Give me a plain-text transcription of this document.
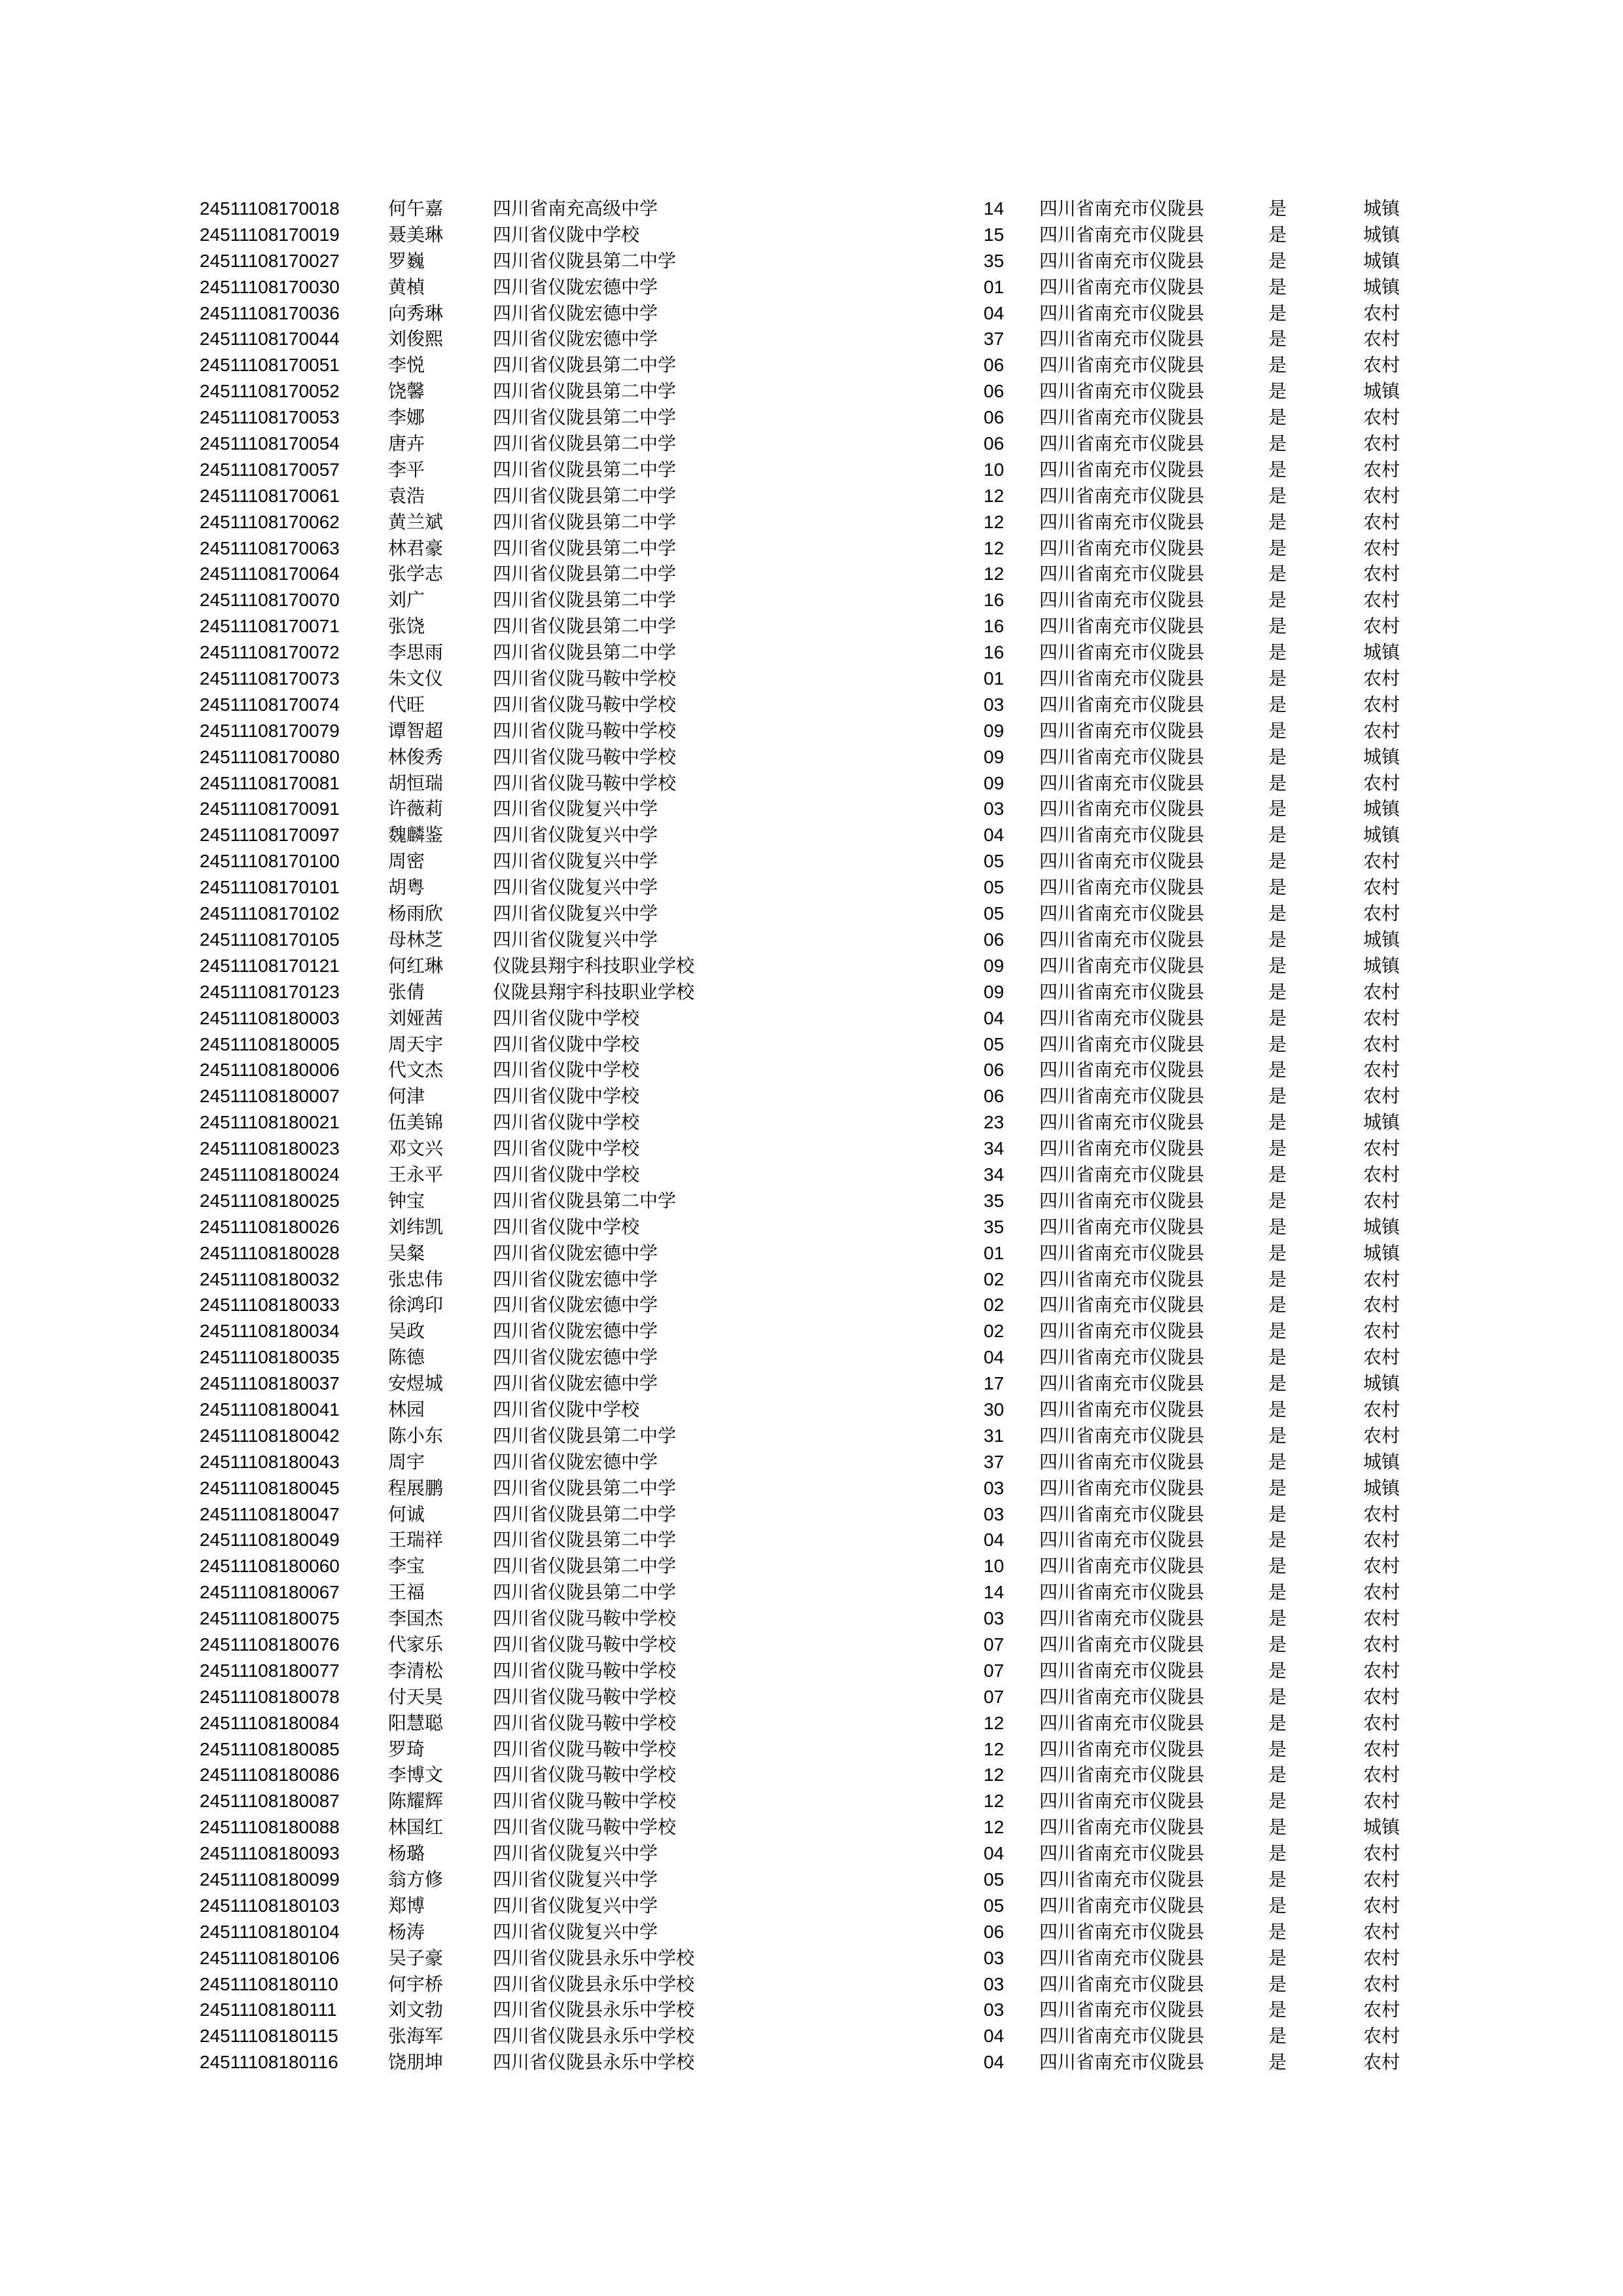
24511108170018	何午嘉	四川省南充高级中学	14 四川省南充市仪陇县	是	城镇
24511108170019	聂美琳	四川省仪陇中学校	15 四川省南充市仪陇县	是	城镇
24511108170027	罗巍	四川省仪陇县第二中学	35 四川省南充市仪陇县	是	城镇
24511108170030	黄楨	四川省仪陇宏德中学	01 四川省南充市仪陇县	是	城镇
24511108170036	向秀琳	四川省仪陇宏德中学	04 四川省南充市仪陇县	是	农村
24511108170044	刘俊熙	四川省仪陇宏德中学	37 四川省南充市仪陇县	是	农村
24511108170051	李悦	四川省仪陇县第二中学	06 四川省南充市仪陇县	是	农村
24511108170052	饶馨	四川省仪陇县第二中学	06 四川省南充市仪陇县	是	城镇
24511108170053	李娜	四川省仪陇县第二中学	06 四川省南充市仪陇县	是	农村
24511108170054	唐卉	四川省仪陇县第二中学	06 四川省南充市仪陇县	是	农村
24511108170057	李平	四川省仪陇县第二中学	10 四川省南充市仪陇县	是	农村
24511108170061	袁浩	四川省仪陇县第二中学	12 四川省南充市仪陇县	是	农村
24511108170062	黄兰斌	四川省仪陇县第二中学	12 四川省南充市仪陇县	是	农村
24511108170063	林君豪	四川省仪陇县第二中学	12 四川省南充市仪陇县	是	农村
24511108170064	张学志	四川省仪陇县第二中学	12 四川省南充市仪陇县	是	农村
24511108170070	刘广	四川省仪陇县第二中学	16 四川省南充市仪陇县	是	农村
24511108170071	张饶	四川省仪陇县第二中学	16 四川省南充市仪陇县	是	农村
24511108170072	李思雨	四川省仪陇县第二中学	16 四川省南充市仪陇县	是	城镇
24511108170073	朱文仪	四川省仪陇马鞍中学校	01 四川省南充市仪陇县	是	农村
24511108170074	代旺	四川省仪陇马鞍中学校	03 四川省南充市仪陇县	是	农村
24511108170079	谭智超	四川省仪陇马鞍中学校	09 四川省南充市仪陇县	是	农村
24511108170080	林俊秀	四川省仪陇马鞍中学校	09 四川省南充市仪陇县	是	城镇
24511108170081	胡恒瑞	四川省仪陇马鞍中学校	09 四川省南充市仪陇县	是	农村
24511108170091	许薇莉	四川省仪陇复兴中学	03 四川省南充市仪陇县	是	城镇
24511108170097	魏麟鉴	四川省仪陇复兴中学	04 四川省南充市仪陇县	是	城镇
24511108170100	周密	四川省仪陇复兴中学	05 四川省南充市仪陇县	是	农村
24511108170101	胡粤	四川省仪陇复兴中学	05 四川省南充市仪陇县	是	农村
24511108170102	杨雨欣	四川省仪陇复兴中学	05 四川省南充市仪陇县	是	农村
24511108170105	母林芝	四川省仪陇复兴中学	06 四川省南充市仪陇县	是	城镇
24511108170121	何红琳	仪陇县翔宇科技职业学校	09 四川省南充市仪陇县	是	城镇
24511108170123	张倩	仪陇县翔宇科技职业学校	09 四川省南充市仪陇县	是	农村
24511108180003	刘娅茜	四川省仪陇中学校	04 四川省南充市仪陇县	是	农村
24511108180005	周天宇	四川省仪陇中学校	05 四川省南充市仪陇县	是	农村
24511108180006	代文杰	四川省仪陇中学校	06 四川省南充市仪陇县	是	农村
24511108180007	何津	四川省仪陇中学校	06 四川省南充市仪陇县	是	农村
24511108180021	伍美锦	四川省仪陇中学校	23 四川省南充市仪陇县	是	城镇
24511108180023	邓文兴	四川省仪陇中学校	34 四川省南充市仪陇县	是	农村
24511108180024	王永平	四川省仪陇中学校	34 四川省南充市仪陇县	是	农村
24511108180025	钟宝	四川省仪陇县第二中学	35 四川省南充市仪陇县	是	农村
24511108180026	刘纬凯	四川省仪陇中学校	35 四川省南充市仪陇县	是	城镇
24511108180028	吴粲	四川省仪陇宏德中学	01 四川省南充市仪陇县	是	城镇
24511108180032	张忠伟	四川省仪陇宏德中学	02 四川省南充市仪陇县	是	农村
24511108180033	徐鸿印	四川省仪陇宏德中学	02 四川省南充市仪陇县	是	农村
24511108180034	吴政	四川省仪陇宏德中学	02 四川省南充市仪陇县	是	农村
24511108180035	陈德	四川省仪陇宏德中学	04 四川省南充市仪陇县	是	农村
24511108180037	安煜城	四川省仪陇宏德中学	17 四川省南充市仪陇县	是	城镇
24511108180041	林园	四川省仪陇中学校	30 四川省南充市仪陇县	是	农村
24511108180042	陈小东	四川省仪陇县第二中学	31 四川省南充市仪陇县	是	农村
24511108180043	周宇	四川省仪陇宏德中学	37 四川省南充市仪陇县	是	城镇
24511108180045	程展鹏	四川省仪陇县第二中学	03 四川省南充市仪陇县	是	城镇
24511108180047	何诚	四川省仪陇县第二中学	03 四川省南充市仪陇县	是	农村
24511108180049	王瑞祥	四川省仪陇县第二中学	04 四川省南充市仪陇县	是	农村
24511108180060	李宝	四川省仪陇县第二中学	10 四川省南充市仪陇县	是	农村
24511108180067	王福	四川省仪陇县第二中学	14 四川省南充市仪陇县	是	农村
24511108180075	李国杰	四川省仪陇马鞍中学校	03 四川省南充市仪陇县	是	农村
24511108180076	代家乐	四川省仪陇马鞍中学校	07 四川省南充市仪陇县	是	农村
24511108180077	李清松	四川省仪陇马鞍中学校	07 四川省南充市仪陇县	是	农村
24511108180078	付天昊	四川省仪陇马鞍中学校	07 四川省南充市仪陇县	是	农村
24511108180084	阳慧聪	四川省仪陇马鞍中学校	12 四川省南充市仪陇县	是	农村
24511108180085	罗琦	四川省仪陇马鞍中学校	12 四川省南充市仪陇县	是	农村
24511108180086	李博文	四川省仪陇马鞍中学校	12 四川省南充市仪陇县	是	农村
24511108180087	陈耀辉	四川省仪陇马鞍中学校	12 四川省南充市仪陇县	是	农村
24511108180088	林国红	四川省仪陇马鞍中学校	12 四川省南充市仪陇县	是	城镇
24511108180093	杨璐	四川省仪陇复兴中学	04 四川省南充市仪陇县	是	农村
24511108180099	翁方修	四川省仪陇复兴中学	05 四川省南充市仪陇县	是	农村
24511108180103	郑博	四川省仪陇复兴中学	05 四川省南充市仪陇县	是	农村
24511108180104	杨涛	四川省仪陇复兴中学	06 四川省南充市仪陇县	是	农村
24511108180106	吴子豪	四川省仪陇县永乐中学校	03 四川省南充市仪陇县	是	农村
24511108180110	何宇桥	四川省仪陇县永乐中学校	03 四川省南充市仪陇县	是	农村
24511108180111	刘文勃	四川省仪陇县永乐中学校	03 四川省南充市仪陇县	是	农村
24511108180115	张海军	四川省仪陇县永乐中学校	04 四川省南充市仪陇县	是	农村
24511108180116	饶朋坤	四川省仪陇县永乐中学校	04 四川省南充市仪陇县	是	农村
